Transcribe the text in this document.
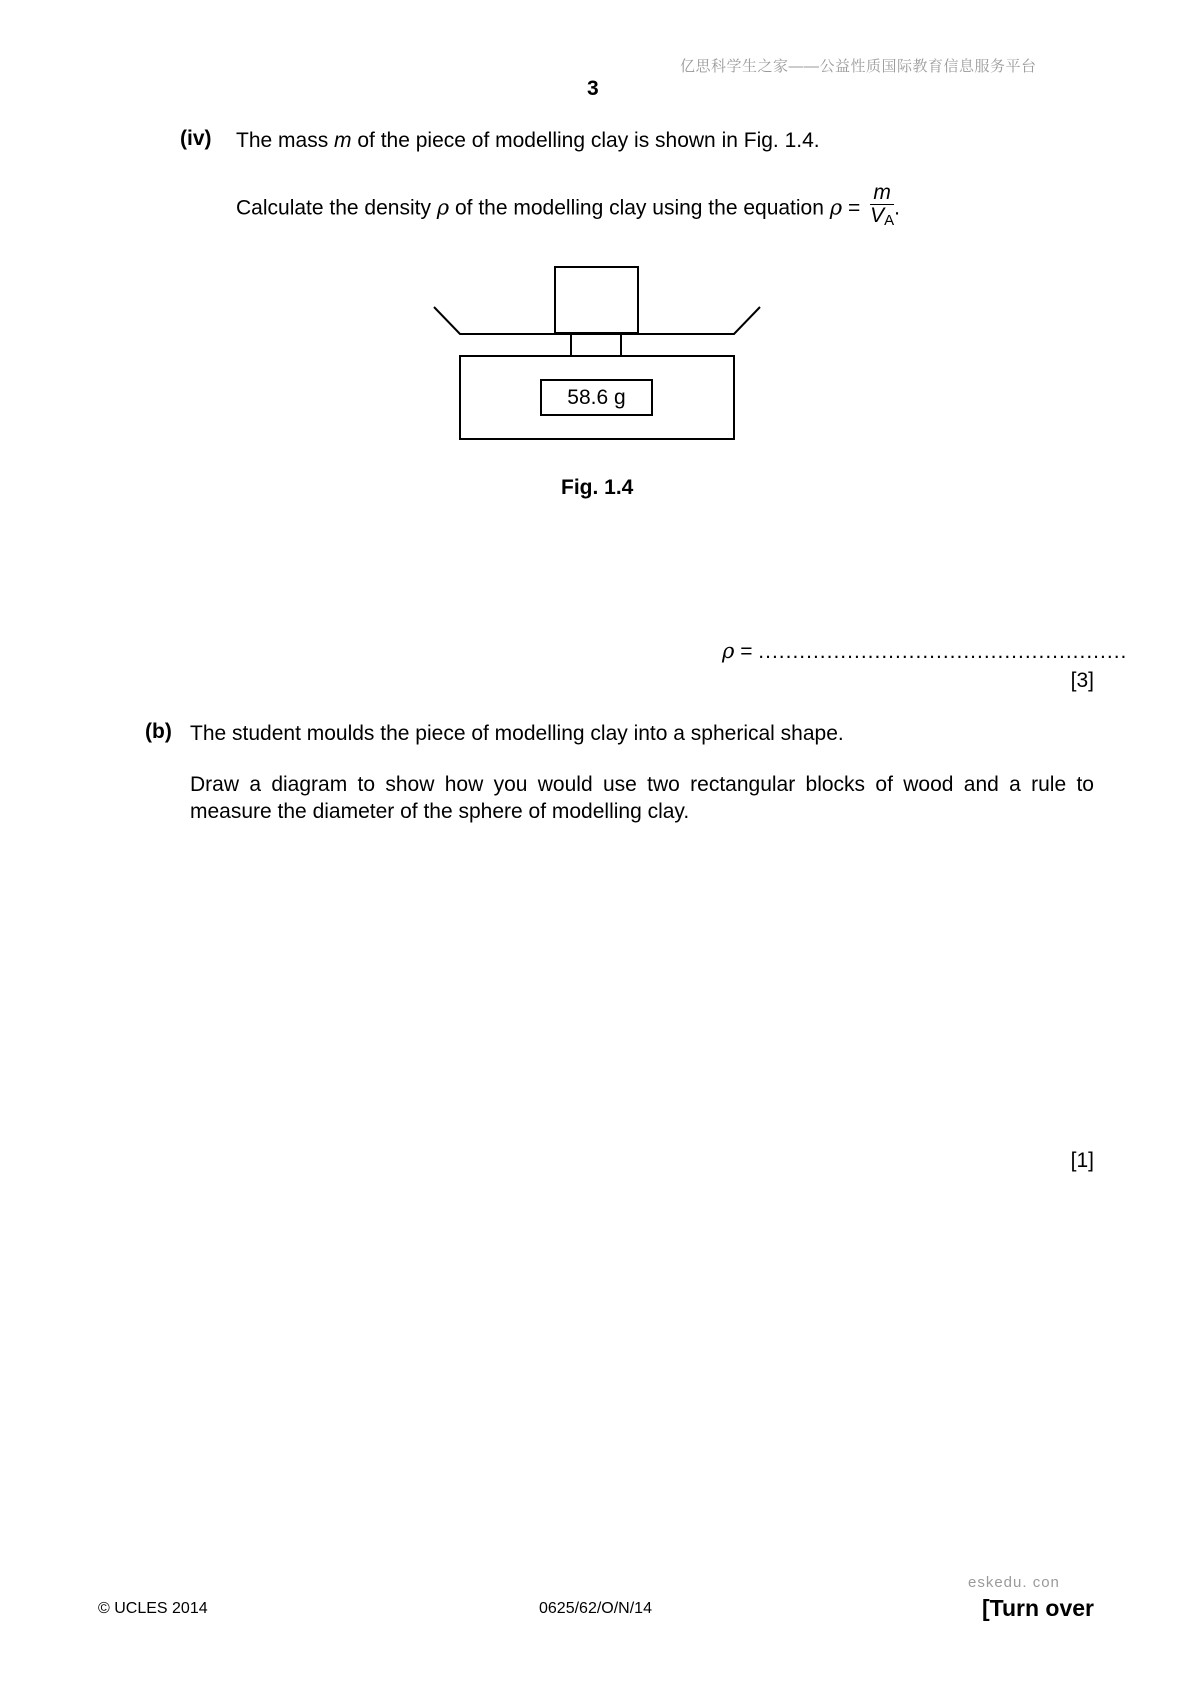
亿思科学生之家——公益性质国际教育信息服务平台
3
(iv) The mass m of the piece of modelling clay is shown in Fig. 1.4.
Calculate the density ρ of the modelling clay using the equation $\rho = \frac{m}{V_A}$ .
58.6 g
Fig. 1.4
ρ = ......................................................
[3]
(b) The student moulds the piece of modelling clay into a spherical shape.
Draw a diagram to show how you would use two rectangular blocks of wood and a rule to measure the diameter of the sphere of modelling clay.
[1]
eskedu. con
© UCLES 2014	0625/62/O/N/14	[Turn over
